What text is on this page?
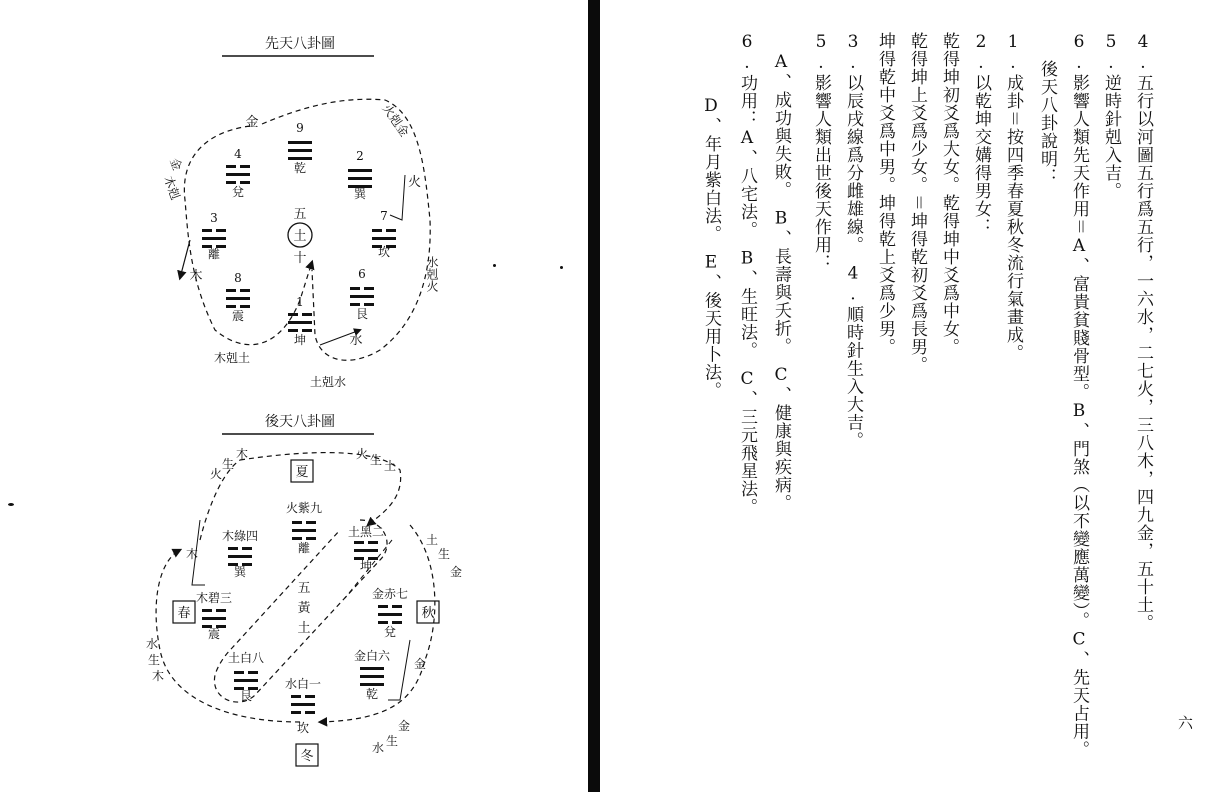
先天八卦圖
9
乾
2
巽
7
坎
6
艮
1
坤
8
震
3
離
4
兌
五
土
十
金	火剋金
金
木剋	火
水剋火
木
木剋土
水
土剋水
後天八卦圖
火紫九
離
土黑二
坤
金赤七
兌
金白六
乾
水白一
坎
土白八
艮
木碧三
震
木綠四
巽
五
黃
土
夏
秋
冬
春
火
生
木	火 生 土
土
生
金
金
水 生
金
水
生
木
木	4.五行以河圖五行爲五行，一六水，二七火，三八木，四九金，五十土。
5.逆時針剋入吉。
6.影響人類先天作用＝A、富貴貧賤骨型。B、門煞（以不變應萬變）。C、先天占用。
後天八卦說明：
1.成卦＝按四季春夏秋冬流行氣畫成。
2.以乾坤交媾得男女：
乾得坤初爻爲大女。乾得坤中爻爲中女。
乾得坤上爻爲少女。＝坤得乾初爻爲長男。
坤得乾中爻爲中男。坤得乾上爻爲少男。
3.以辰戌線爲分雌雄線。　4.順時針生入大吉。
5.影響人類出世後天作用：
A、成功與失敗。　B、長壽與夭折。　C、健康與疾病。
6.功用：A、八宅法。　B、生旺法。　C、三元飛星法。
D、年月紫白法。　E、後天用卜法。
六
